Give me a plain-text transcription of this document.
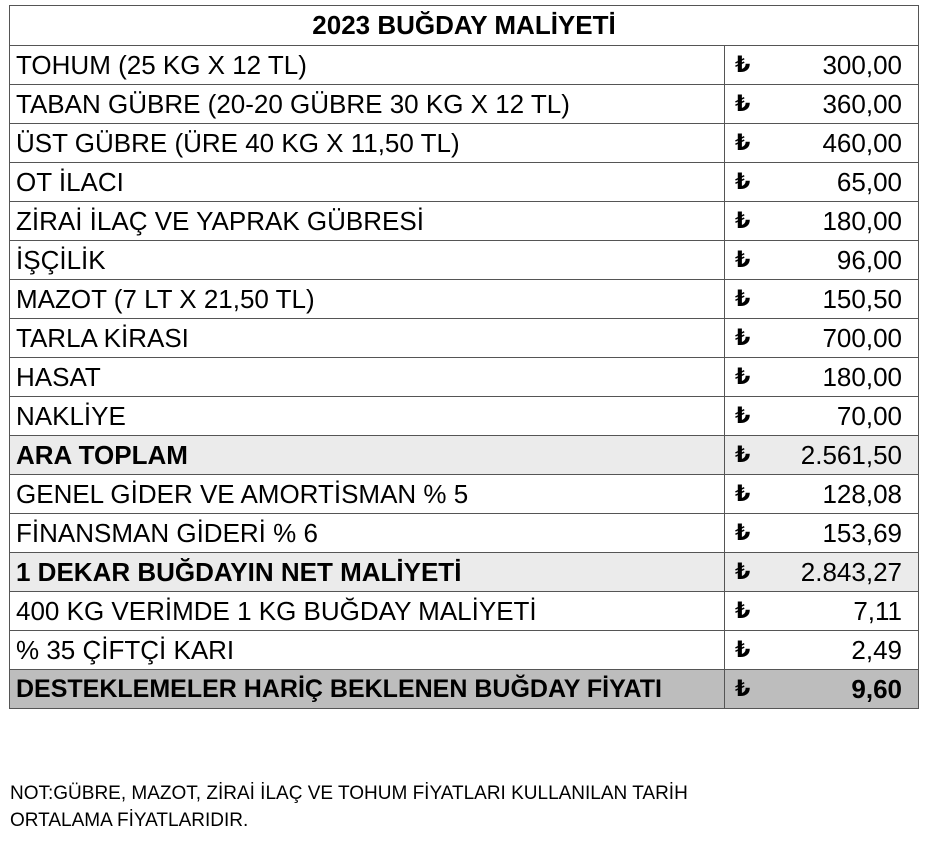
2023 BUĞDAY MALİYETİ	
TOHUM (25 KG X 12 TL)	₺ 300,00

TABAN GÜBRE (20-20 GÜBRE 30 KG X 12 TL)	₺ 360,00

ÜST GÜBRE (ÜRE 40 KG X 11,50 TL)	₺ 460,00

OT İLACI	₺ 65,00

ZİRAİ İLAÇ VE YAPRAK GÜBRESİ	₺ 180,00

İŞÇİLİK	₺ 96,00

MAZOT (7 LT X 21,50 TL)	₺ 150,50

TARLA KİRASI	₺ 700,00

HASAT	₺ 180,00

NAKLİYE	₺ 70,00

ARA TOPLAM	₺ 2.561,50

GENEL GİDER VE AMORTİSMAN % 5	₺ 128,08

FİNANSMAN GİDERİ % 6	₺ 153,69

1 DEKAR BUĞDAYIN NET MALİYETİ	₺ 2.843,27

400 KG VERİMDE 1 KG BUĞDAY MALİYETİ	₺ 7,11

% 35 ÇİFTÇİ KARI	₺ 2,49

DESTEKLEMELER HARİÇ BEKLENEN BUĞDAY FİYATI	₺ 9,60
NOT:GÜBRE, MAZOT, ZİRAİ İLAÇ VE TOHUM FİYATLARI KULLANILAN TARİH
ORTALAMA FİYATLARIDIR.
